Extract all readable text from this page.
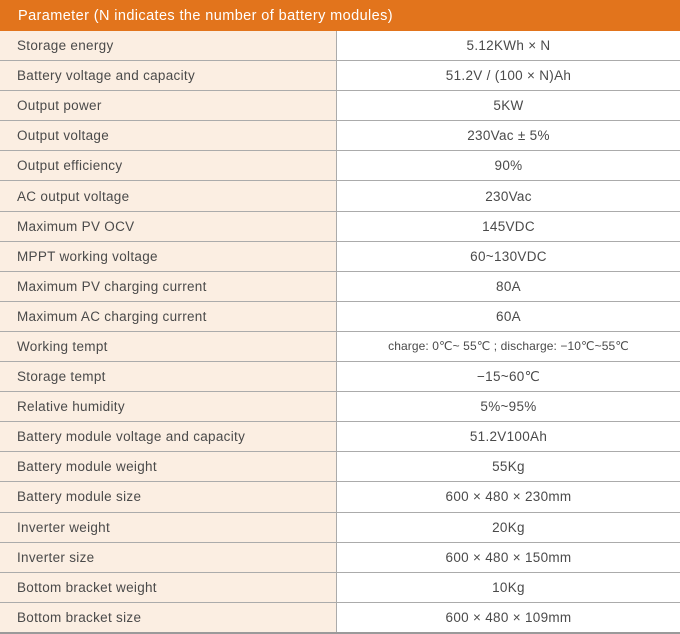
Parameter (N indicates the number of battery modules)
Storage energy	5.12KWh × N
Battery voltage and capacity	51.2V / (100 × N)Ah
Output power	5KW
Output voltage	230Vac ± 5%
Output efficiency	90%
AC output voltage	230Vac
Maximum PV OCV	145VDC
MPPT working voltage	60~130VDC
Maximum PV charging current	80A
Maximum AC charging current	60A
Working tempt	charge: 0℃~ 55℃ ; discharge: −10℃~55℃
Storage tempt	−15~60℃
Relative humidity	5%~95%
Battery module voltage and capacity	51.2V100Ah
Battery module weight	55Kg
Battery module size	600 × 480 × 230mm
Inverter weight	20Kg
Inverter size	600 × 480 × 150mm
Bottom bracket weight	10Kg
Bottom bracket size	600 × 480 × 109mm
